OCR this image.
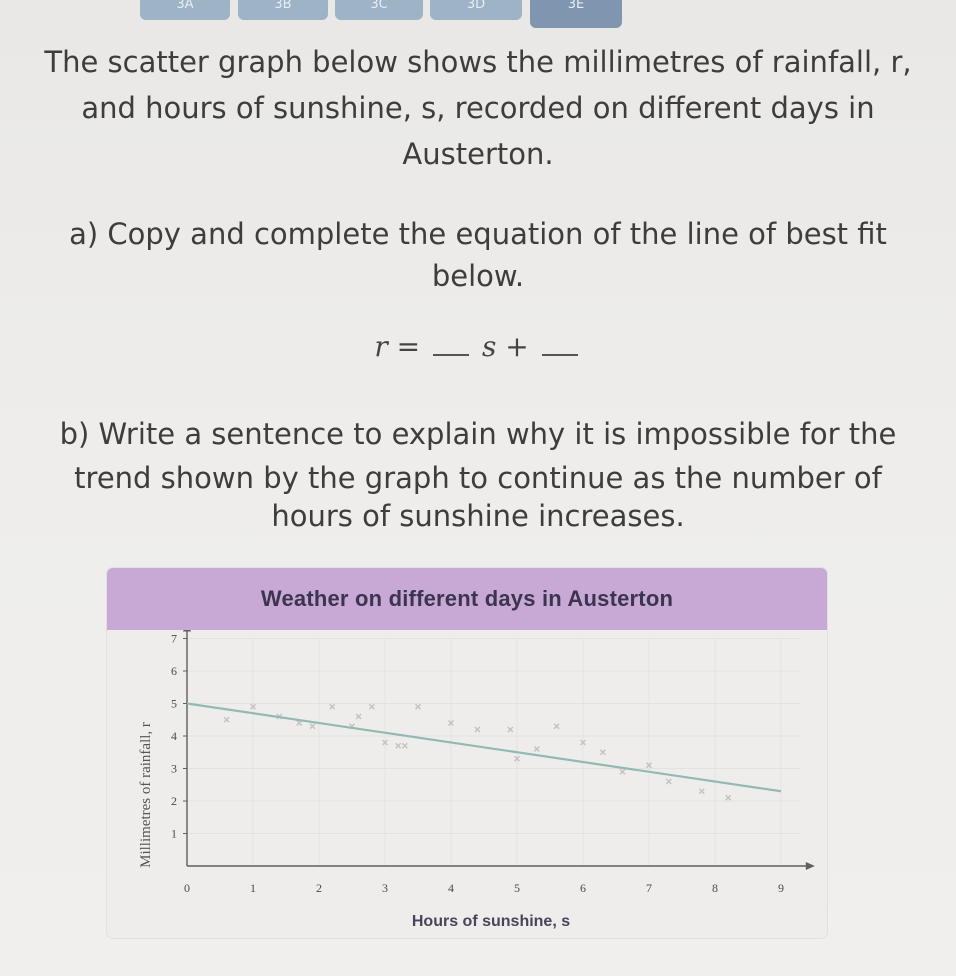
3A	3B	3C	3D	3E
The scatter graph below shows the millimetres of rainfall, r,
and hours of sunshine, s, recorded on different days in
Austerton.
a) Copy and complete the equation of the line of best fit
below.
r = s +
b) Write a sentence to explain why it is impossible for the
trend shown by the graph to continue as the number of
hours of sunshine increases.
Weather on different days in Austerton
0	1	2	3	4	5	6	7	8	9
1
2
3
4
5
6
7
Hours of sunshine, s
Millimetres of rainfall, r
